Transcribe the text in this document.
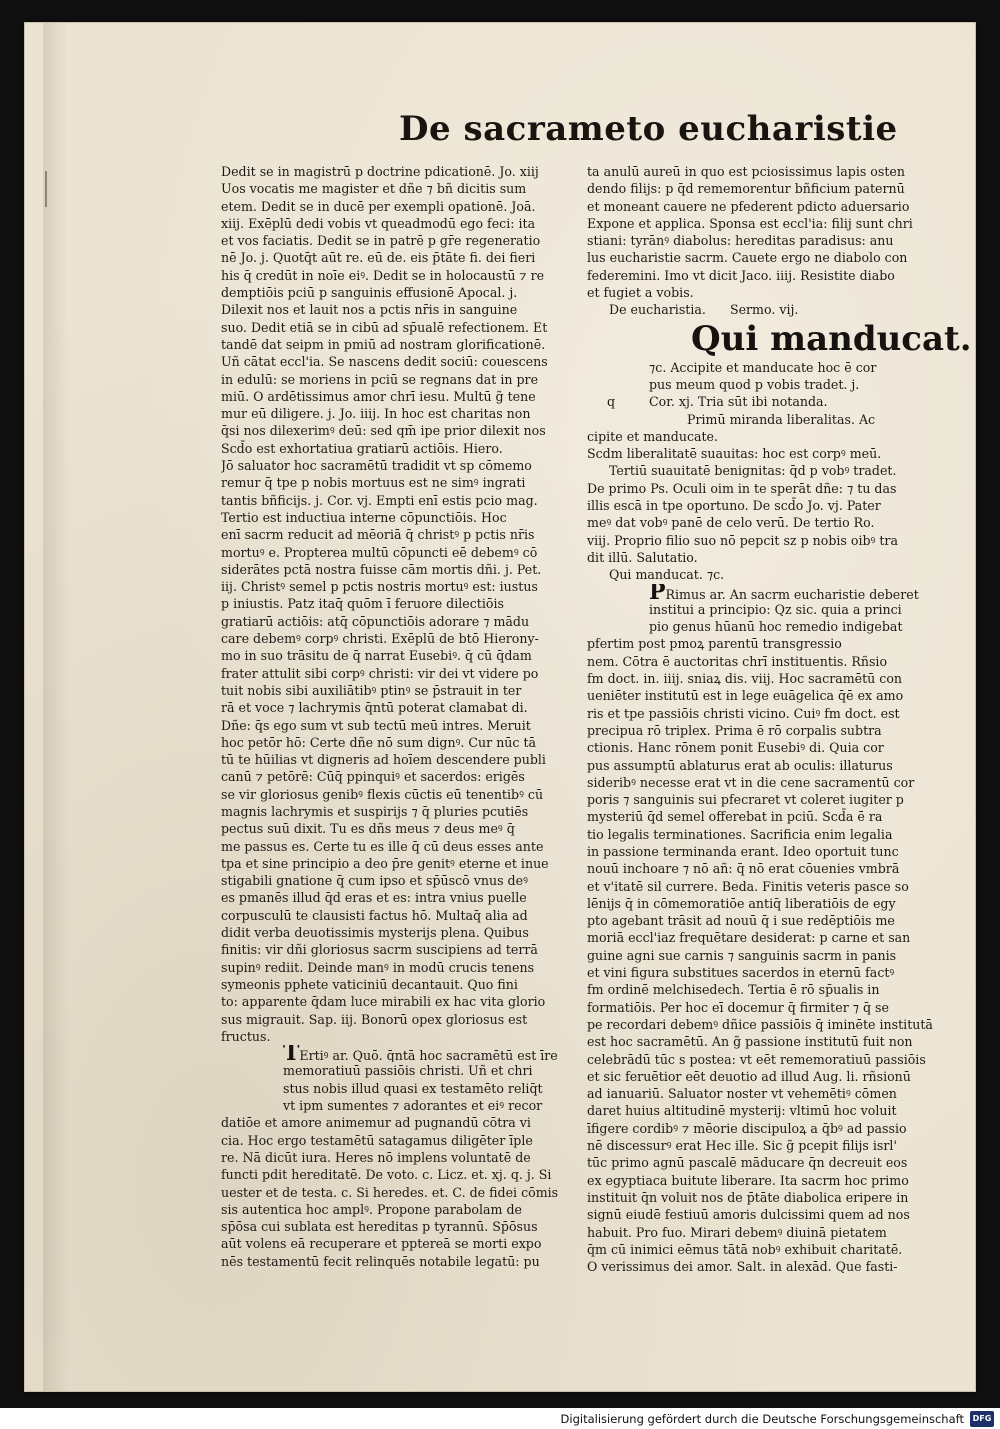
De sacrameto eucharistie
Dedit se in magistrū p doctrine pdicationē. Jo. xiij
Uos vocatis me magister et dñe ⁊ bñ dicitis sum
etem. Dedit se in ducē per exempli opationē. Joā.
xiij. Exēplū dedi vobis vt queadmodū ego feci: ita
et vos faciatis. Dedit se in patrē p gr̄e regeneratio
nē Jo. j. Quotq̄t aūt re. eū de. eis p̄tāte fi. dei fieri
his q̄ credūt in noīe eiꝰ. Dedit se in holocaustū ⁊ re
demptiōis pciū p sanguinis effusionē Apocal. j.
Dilexit nos et lauit nos a pctis nr̄is in sanguine
suo. Dedit etiā se in cibū ad sp̄ualē refectionem. Et
tandē dat seipm in pmiū ad nostram glorificationē.
Uñ cātat eccl'ia. Se nascens dedit sociū: couescens
in edulū: se moriens in pciū se regnans dat in pre
miū. O ardētissimus amor chrī iesu. Multū g̃ tene
mur eū diligere. j. Jo. iiij. In hoc est charitas non
q̄si nos dilexerimꝰ deū: sed qm̄ ipe prior dilexit nos
Scd̄o est exhortatiua gratiarū actiōis. Hiero.
Jō saluator hoc sacramētū tradidit vt sp cōmemo
remur q̄ tpe p nobis mortuus est ne simꝰ ingrati
tantis bñficijs. j. Cor. vj. Empti enī estis pcio mag.
Tertio est inductiua interne cōpunctiōis. Hoc
enī sacrm reducit ad mēoriā q̄ christꝰ p pctis nr̄is
mortuꝰ e. Propterea multū cōpuncti eē debemꝰ cō
siderātes pctā nostra fuisse cām mortis dñi. j. Pet.
iij. Christꝰ semel p pctis nostris mortuꝰ est: iustus
p iniustis. Patz itaq̄ quōm ī feruore dilectiōis
gratiarū actiōis: atq̄ cōpunctiōis adorare ⁊ mādu
care debemꝰ corpꝰ christi. Exēplū de btō Hierony-
mo in suo trāsitu de q̄ narrat Eusebiꝰ. q̄ cū q̄dam
frater attulit sibi corpꝰ christi: vir dei vt videre po
tuit nobis sibi auxiliātibꝰ ptinꝰ se p̄strauit in ter
rā et voce ⁊ lachrymis q̄ntū poterat clamabat di.
Dñe: q̄s ego sum vt sub tectū meū intres. Meruit
hoc petōr hō: Certe dñe nō sum dignꝰ. Cur nūc tā
tū te hūilias vt digneris ad hoīem descendere publi
canū ⁊ petōrē: Cūq̄ ppinquiꝰ et sacerdos: erigēs
se vir gloriosus genibꝰ flexis cūctis eū tenentibꝰ cū
magnis lachrymis et suspirijs ⁊ q̄ pluries pcutiēs
pectus suū dixit. Tu es dñs meus ⁊ deus meꝰ q̄
me passus es. Certe tu es ille q̄ cū deus esses ante
tpa et sine principio a deo p̄re genitꝰ eterne et inue
stigabili gnatione q̄ cum ipso et sp̄ūscō vnus deꝰ
es pmanēs illud q̄d eras et es: intra vnius puelle
corpusculū te clausisti factus hō. Multaq̄ alia ad
didit verba deuotissimis mysterijs plena. Quibus
finitis: vir dñi gloriosus sacrm suscipiens ad terrā
supinꝰ rediit. Deinde manꝰ in modū crucis tenens
symeonis pphete vaticiniū decantauit. Quo fini
to: apparente q̄dam luce mirabili ex hac vita glorio
sus migrauit. Sap. iij. Bonorū opex gloriosus est
fructus.
TErtiꝰ ar. Quō. q̄ntā hoc sacramētū est īre
memoratiuū passiōis christi. Uñ et chri
stus nobis illud quasi ex testamēto reliq̄t
vt ipm sumentes ⁊ adorantes et eiꝰ recor
datiōe et amore animemur ad pugnandū cōtra vi
cia. Hoc ergo testamētū satagamus diligēter īple
re. Nā dicūt iura. Heres nō implens voluntatē de
functi pdit hereditatē. De voto. c. Licz. et. xj. q. j. Si
uester et de testa. c. Si heredes. et. C. de fidei cōmis
sis autentica hoc amplꝰ. Propone parabolam de
sp̄ōsa cui sublata est hereditas p tyrannū. Sp̄ōsus
aūt volens eā recuperare et pptereā se morti expo
nēs testamentū fecit relinquēs notabile legatū: pu
ta anulū aureū in quo est pciosissimus lapis osten
dendo filijs: p q̄d rememorentur bñficium paternū
et moneant cauere ne pfederent pdicto aduersario
Expone et applica. Sponsa est eccl'ia: filij sunt chri
stiani: tyrānꝰ diabolus: hereditas paradisus: anu
lus eucharistie sacrm. Cauete ergo ne diabolo con
federemini. Imo vt dicit Jaco. iiij. Resistite diabo
et fugiet a vobis.
De eucharistia. Sermo. vij.
Qui manducat.
⁊c. Accipite et manducate hoc ē cor
pus meum quod p vobis tradet. j.
q	Cor. xj. Tria sūt ibi notanda.
Primū miranda liberalitas. Ac
cipite et manducate.
Scdm liberalitatē suauitas: hoc est corpꝰ meū.
Tertiū suauitatē benignitas: q̄d p vobꝰ tradet.
De primo Ps. Oculi oim in te sperāt dñe: ⁊ tu das
illis escā in tpe oportuno. De scd̄o Jo. vj. Pater
meꝰ dat vobꝰ panē de celo verū. De tertio Ro.
viij. Proprio filio suo nō pepcit sz p nobis oibꝰ tra
dit illū. Salutatio.
Qui manducat. ⁊c.
PRimus ar. An sacrm eucharistie deberet
institui a principio: Qz sic. quia a princi
pio genus hūanū hoc remedio indigebat
pfertim post pmoꝝ parentū transgressio
nem. Cōtra ē auctoritas chrī instituentis. Rñsio
fm doct. in. iiij. sniaꝝ dis. viij. Hoc sacramētū con
ueniēter institutū est in lege euāgelica q̄ē ex amo
ris et tpe passiōis christi vicino. Cuiꝰ fm doct. est
precipua rō triplex. Prima ē rō corpalis subtra
ctionis. Hanc rōnem ponit Eusebiꝰ di. Quia cor
pus assumptū ablaturus erat ab oculis: illaturus
sideribꝰ necesse erat vt in die cene sacramentū cor
poris ⁊ sanguinis sui pfecraret vt coleret iugiter p
mysteriū q̄d semel offerebat in pciū. Scd̄a ē ra
tio legalis terminationes. Sacrificia enim legalia
in passione terminanda erant. Ideo oportuit tunc
nouū inchoare ⁊ nō añ: q̄ nō erat cōuenies vmbrā
et v'itatē sil currere. Beda. Finitis veteris pasce so
lēnijs q̄ in cōmemoratiōe antiq̄ liberatiōis de egy
pto agebant trāsit ad nouū q̄ i sue redēptiōis me
moriā eccl'iaz frequētare desiderat: p carne et san
guine agni sue carnis ⁊ sanguinis sacrm in panis
et vini figura substitues sacerdos in eternū factꝰ
fm ordinē melchisedech. Tertia ē rō sp̄ualis in
formatiōis. Per hoc eī docemur q̄ firmiter ⁊ q̄ se
pe recordari debemꝰ dñice passiōis q̄ iminēte institutā
est hoc sacramētū. An g̃ passione institutū fuit non
celebrādū tūc s postea: vt eēt rememoratiuū passiōis
et sic feruētior eēt deuotio ad illud Aug. li. rñsionū
ad ianuariū. Saluator noster vt vehemētiꝰ cōmen
daret huius altitudinē mysterij: vltimū hoc voluit
īfigere cordibꝰ ⁊ mēorie discipuloꝝ a q̄bꝰ ad passio
nē discessurꝰ erat Hec ille. Sic g̃ pcepit filijs isrl'
tūc primo agnū pascalē māducare q̄n decreuit eos
ex egyptiaca buitute liberare. Ita sacrm hoc primo
instituit q̄n voluit nos de p̄tāte diabolica eripere in
signū eiudē festiuū amoris dulcissimi quem ad nos
habuit. Pro fuo. Mirari debemꝰ diuinā pietatem
q̄m cū inimici eēmus tātā nobꝰ exhibuit charitatē.
O verissimus dei amor. Salt. in alexād. Que fasti-
Digitalisierung gefördert durch die Deutsche Forschungsgemeinschaft	DFG
